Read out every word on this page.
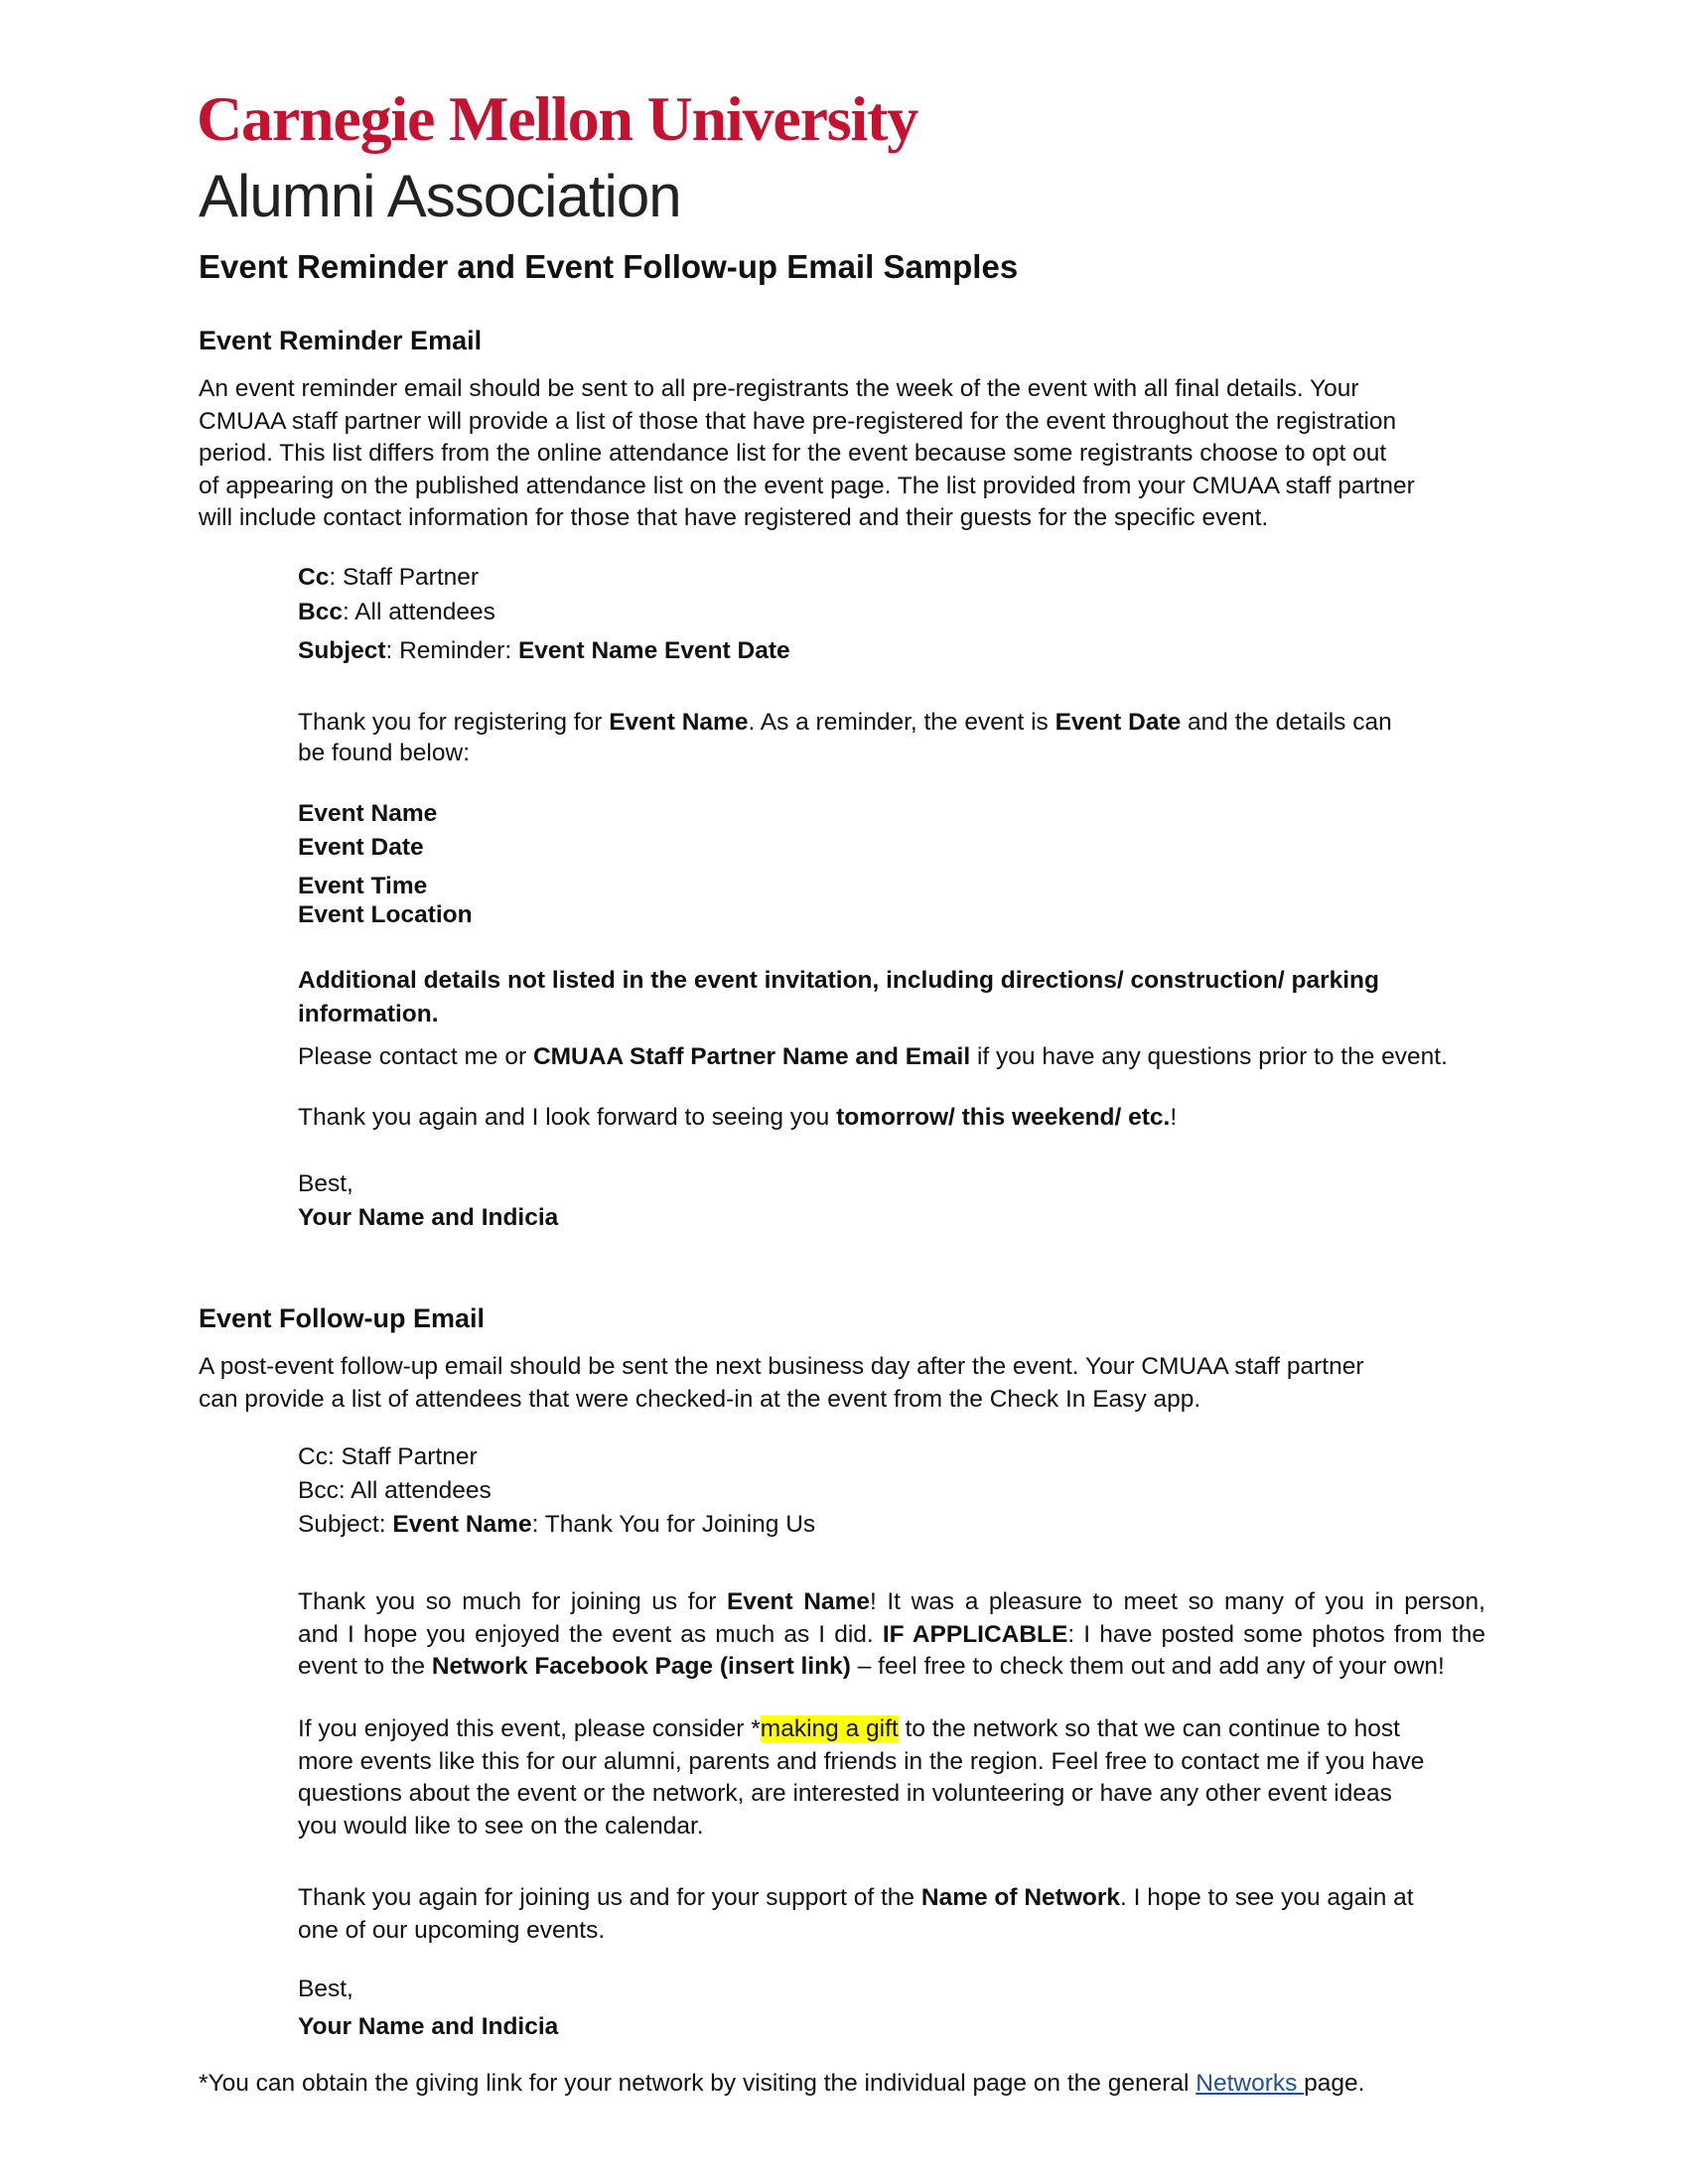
Carnegie Mellon University
Alumni Association
Event Reminder and Event Follow-up Email Samples
Event Reminder Email
An event reminder email should be sent to all pre-registrants the week of the event with all final details. Your
CMUAA staff partner will provide a list of those that have pre-registered for the event throughout the registration
period. This list differs from the online attendance list for the event because some registrants choose to opt out
of appearing on the published attendance list on the event page. The list provided from your CMUAA staff partner
will include contact information for those that have registered and their guests for the specific event.
Cc: Staff Partner
Bcc: All attendees
Subject: Reminder: Event Name Event Date
Thank you for registering for Event Name. As a reminder, the event is Event Date and the details can
be found below:
Event Name
Event Date
Event Time
Event Location
Additional details not listed in the event invitation, including directions/ construction/ parking
information.
Please contact me or CMUAA Staff Partner Name and Email if you have any questions prior to the event.
Thank you again and I look forward to seeing you tomorrow/ this weekend/ etc.!
Best,
Your Name and Indicia
Event Follow-up Email
A post-event follow-up email should be sent the next business day after the event. Your CMUAA staff partner
can provide a list of attendees that were checked-in at the event from the Check In Easy app.
Cc: Staff Partner
Bcc: All attendees
Subject: Event Name: Thank You for Joining Us
Thank you so much for joining us for Event Name! It was a pleasure to meet so many of you in person,
and I hope you enjoyed the event as much as I did. IF APPLICABLE: I have posted some photos from the
event to the Network Facebook Page (insert link) – feel free to check them out and add any of your own!
If you enjoyed this event, please consider *making a gift to the network so that we can continue to host
more events like this for our alumni, parents and friends in the region. Feel free to contact me if you have
questions about the event or the network, are interested in volunteering or have any other event ideas
you would like to see on the calendar.
Thank you again for joining us and for your support of the Name of Network. I hope to see you again at
one of our upcoming events.
Best,
Your Name and Indicia
*You can obtain the giving link for your network by visiting the individual page on the general Networks page.
